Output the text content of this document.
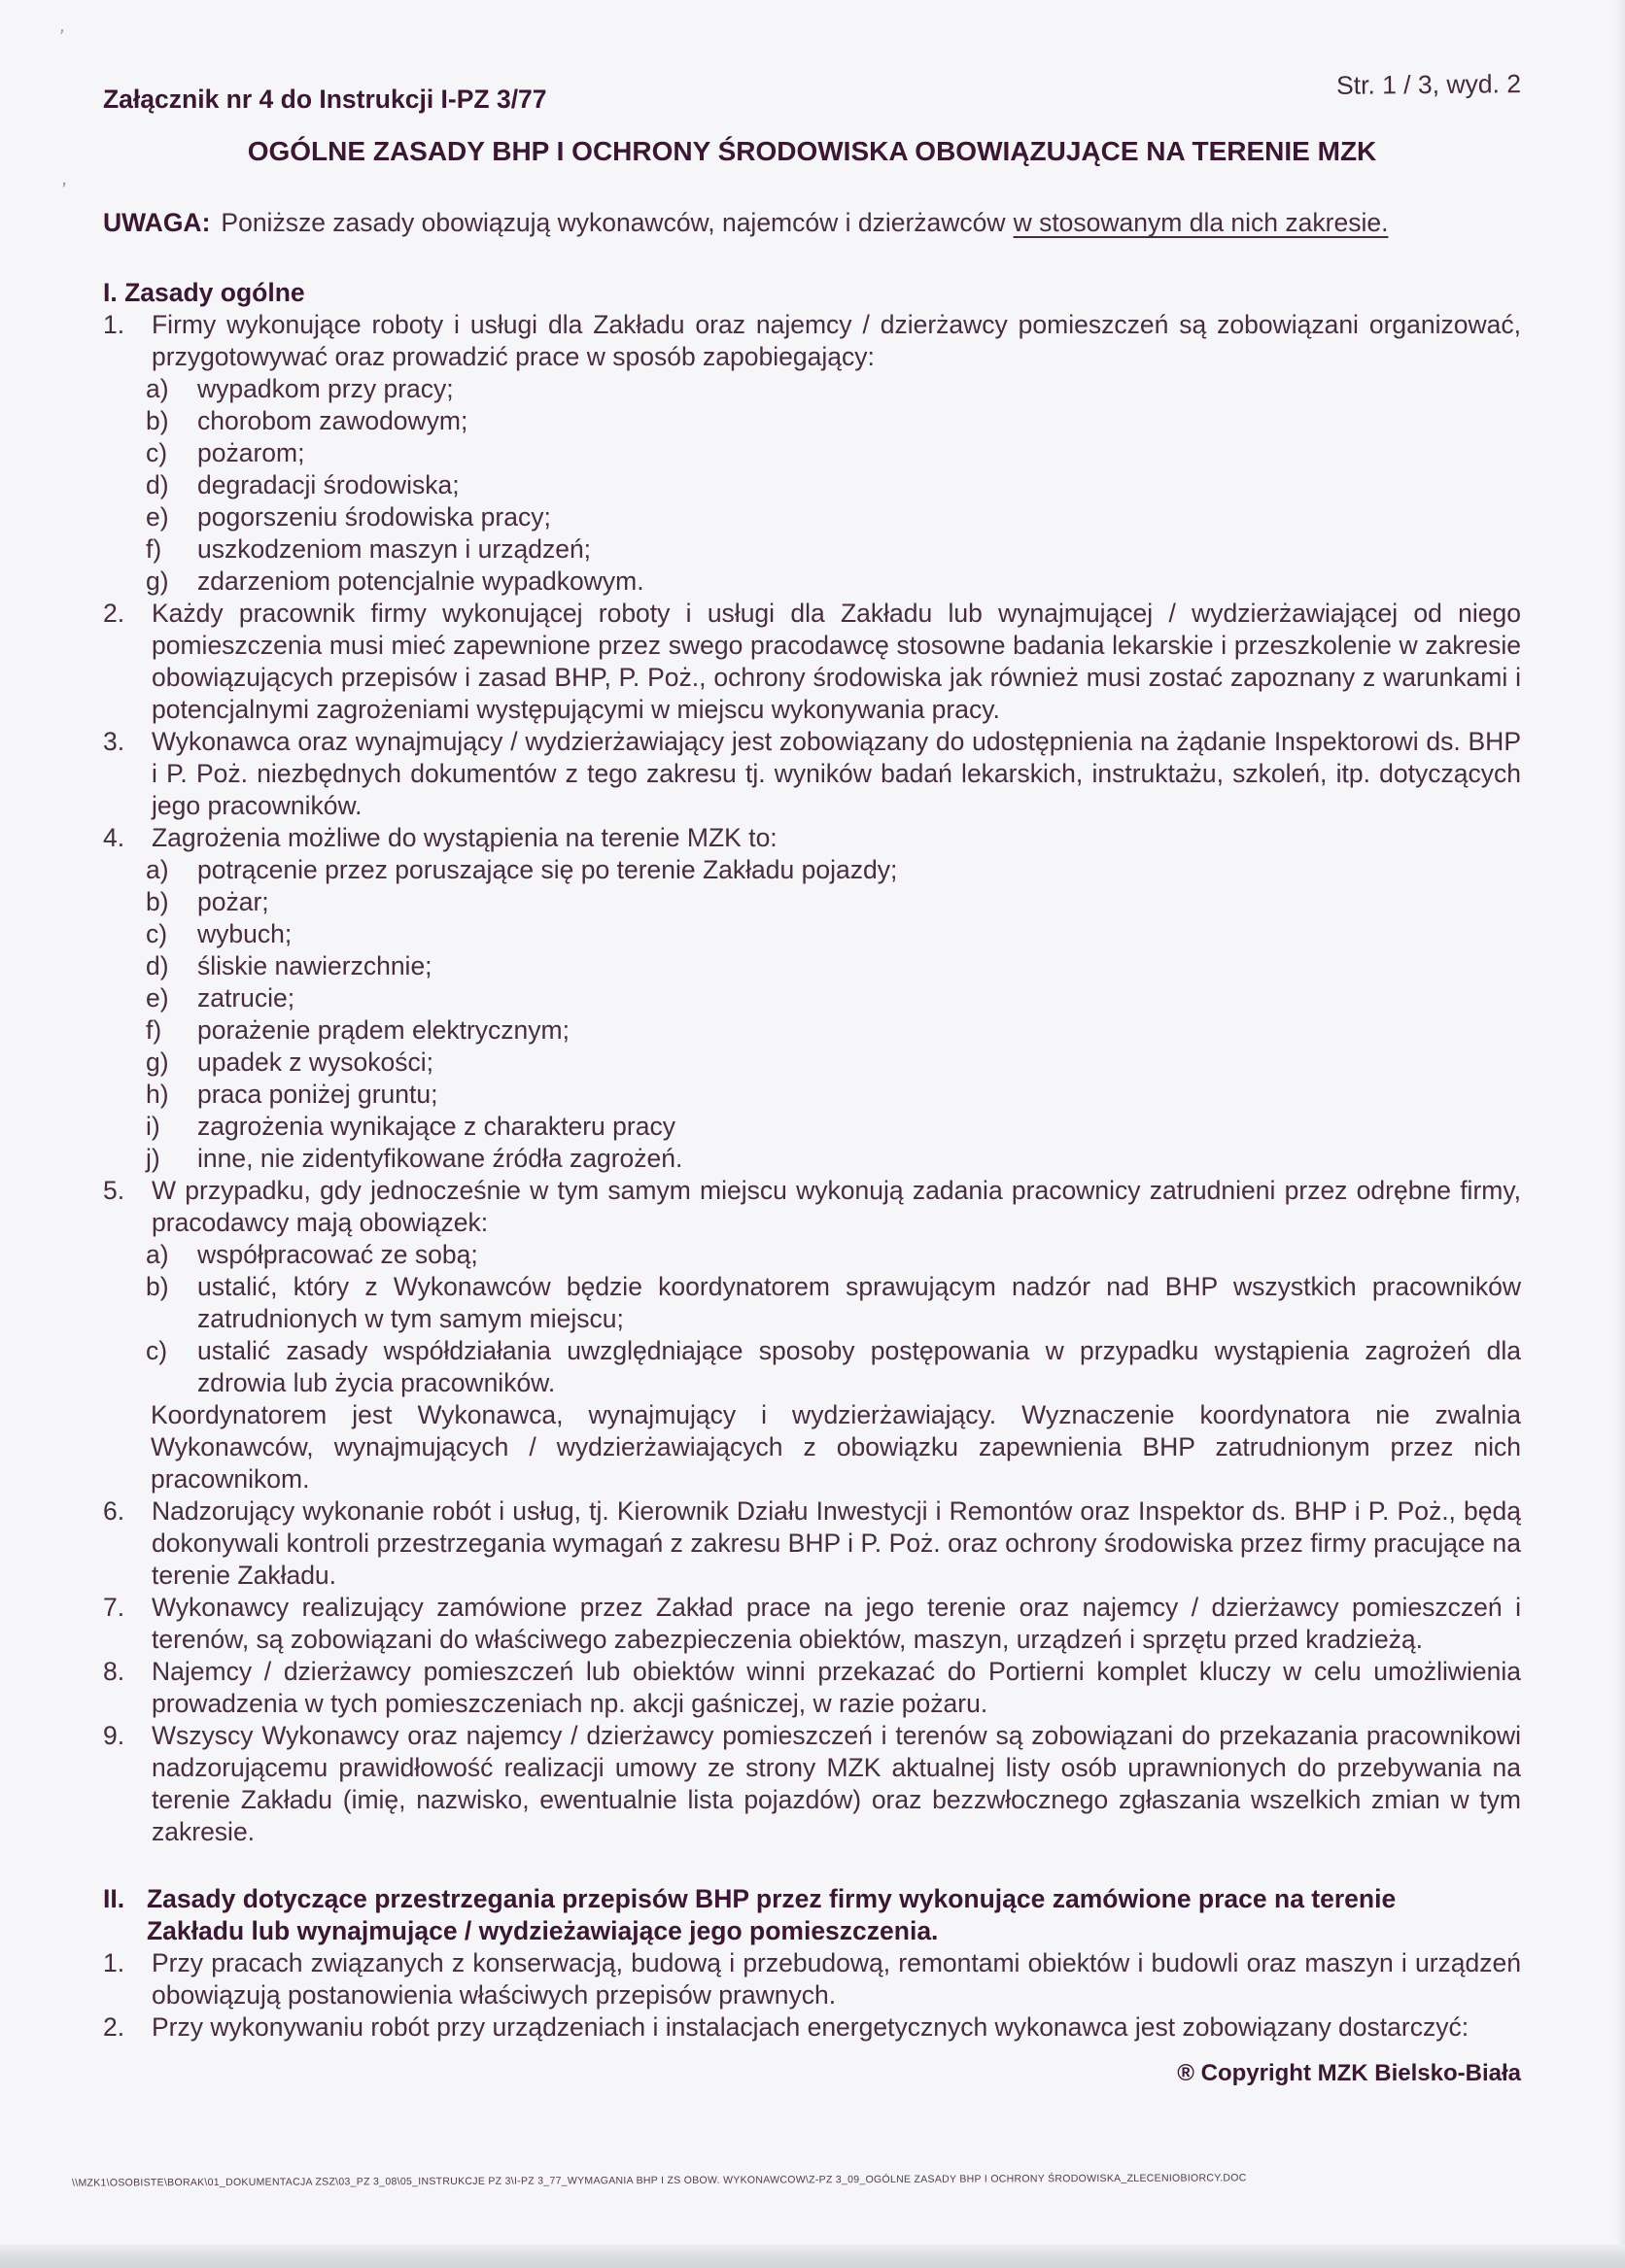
Załącznik nr 4 do Instrukcji I-PZ 3/77	Str. 1 / 3, wyd. 2
OGÓLNE ZASADY BHP I OCHRONY ŚRODOWISKA OBOWIĄZUJĄCE NA TERENIE MZK
UWAGA: Poniższe zasady obowiązują wykonawców, najemców i dzierżawców w stosowanym dla nich zakresie.
I. Zasady ogólne
1.	Firmy wykonujące roboty i usługi dla Zakładu oraz najemcy / dzierżawcy pomieszczeń są zobowiązani organizować, przygotowywać oraz prowadzić prace w sposób zapobiegający:
a)	wypadkom przy pracy;
b)	chorobom zawodowym;
c)	pożarom;
d)	degradacji środowiska;
e)	pogorszeniu środowiska pracy;
f)	uszkodzeniom maszyn i urządzeń;
g)	zdarzeniom potencjalnie wypadkowym.
2.	Każdy pracownik firmy wykonującej roboty i usługi dla Zakładu lub wynajmującej / wydzierżawiającej od niego pomieszczenia musi mieć zapewnione przez swego pracodawcę stosowne badania lekarskie i przeszkolenie w zakresie obowiązujących przepisów i zasad BHP, P. Poż., ochrony środowiska jak również musi zostać zapoznany z warunkami i potencjalnymi zagrożeniami występującymi w miejscu wykonywania pracy.
3.	Wykonawca oraz wynajmujący / wydzierżawiający jest zobowiązany do udostępnienia na żądanie Inspektorowi ds. BHP i P. Poż. niezbędnych dokumentów z tego zakresu tj. wyników badań lekarskich, instruktażu, szkoleń, itp. dotyczących jego pracowników.
4.	Zagrożenia możliwe do wystąpienia na terenie MZK to:
a)	potrącenie przez poruszające się po terenie Zakładu pojazdy;
b)	pożar;
c)	wybuch;
d)	śliskie nawierzchnie;
e)	zatrucie;
f)	porażenie prądem elektrycznym;
g)	upadek z wysokości;
h)	praca poniżej gruntu;
i)	zagrożenia wynikające z charakteru pracy
j)	inne, nie zidentyfikowane źródła zagrożeń.
5.	W przypadku, gdy jednocześnie w tym samym miejscu wykonują zadania pracownicy zatrudnieni przez odrębne firmy, pracodawcy mają obowiązek:
a)	współpracować ze sobą;
b)	ustalić, który z Wykonawców będzie koordynatorem sprawującym nadzór nad BHP wszystkich pracowników zatrudnionych w tym samym miejscu;
c)	ustalić zasady współdziałania uwzględniające sposoby postępowania w przypadku wystąpienia zagrożeń dla zdrowia lub życia pracowników.
Koordynatorem jest Wykonawca, wynajmujący i wydzierżawiający. Wyznaczenie koordynatora nie zwalnia Wykonawców, wynajmujących / wydzierżawiających z obowiązku zapewnienia BHP zatrudnionym przez nich pracownikom.
6.	Nadzorujący wykonanie robót i usług, tj. Kierownik Działu Inwestycji i Remontów oraz Inspektor ds. BHP i P. Poż., będą dokonywali kontroli przestrzegania wymagań z zakresu BHP i P. Poż. oraz ochrony środowiska przez firmy pracujące na terenie Zakładu.
7.	Wykonawcy realizujący zamówione przez Zakład prace na jego terenie oraz najemcy / dzierżawcy pomieszczeń i terenów, są zobowiązani do właściwego zabezpieczenia obiektów, maszyn, urządzeń i sprzętu przed kradzieżą.
8.	Najemcy / dzierżawcy pomieszczeń lub obiektów winni przekazać do Portierni komplet kluczy w celu umożliwienia prowadzenia w tych pomieszczeniach np. akcji gaśniczej, w razie pożaru.
9.	Wszyscy Wykonawcy oraz najemcy / dzierżawcy pomieszczeń i terenów są zobowiązani do przekazania pracownikowi nadzorującemu prawidłowość realizacji umowy ze strony MZK aktualnej listy osób uprawnionych do przebywania na terenie Zakładu (imię, nazwisko, ewentualnie lista pojazdów) oraz bezzwłocznego zgłaszania wszelkich zmian w tym zakresie.
II. Zasady dotyczące przestrzegania przepisów BHP przez firmy wykonujące zamówione prace na terenie Zakładu lub wynajmujące / wydzieżawiające jego pomieszczenia.
1.	Przy pracach związanych z konserwacją, budową i przebudową, remontami obiektów i budowli oraz maszyn i urządzeń obowiązują postanowienia właściwych przepisów prawnych.
2.	Przy wykonywaniu robót przy urządzeniach i instalacjach energetycznych wykonawca jest zobowiązany dostarczyć:
® Copyright MZK Bielsko-Biała
\\MZK1\OSOBISTE\BORAK\01_DOKUMENTACJA ZSZ\03_PZ 3_08\05_INSTRUKCJE PZ 3\I-PZ 3_77_WYMAGANIA BHP I ZS OBOW. WYKONAWCOW\Z-PZ 3_09_OGÓLNE ZASADY BHP I OCHRONY ŚRODOWISKA_ZLECENIOBIORCY.DOC
’
,
